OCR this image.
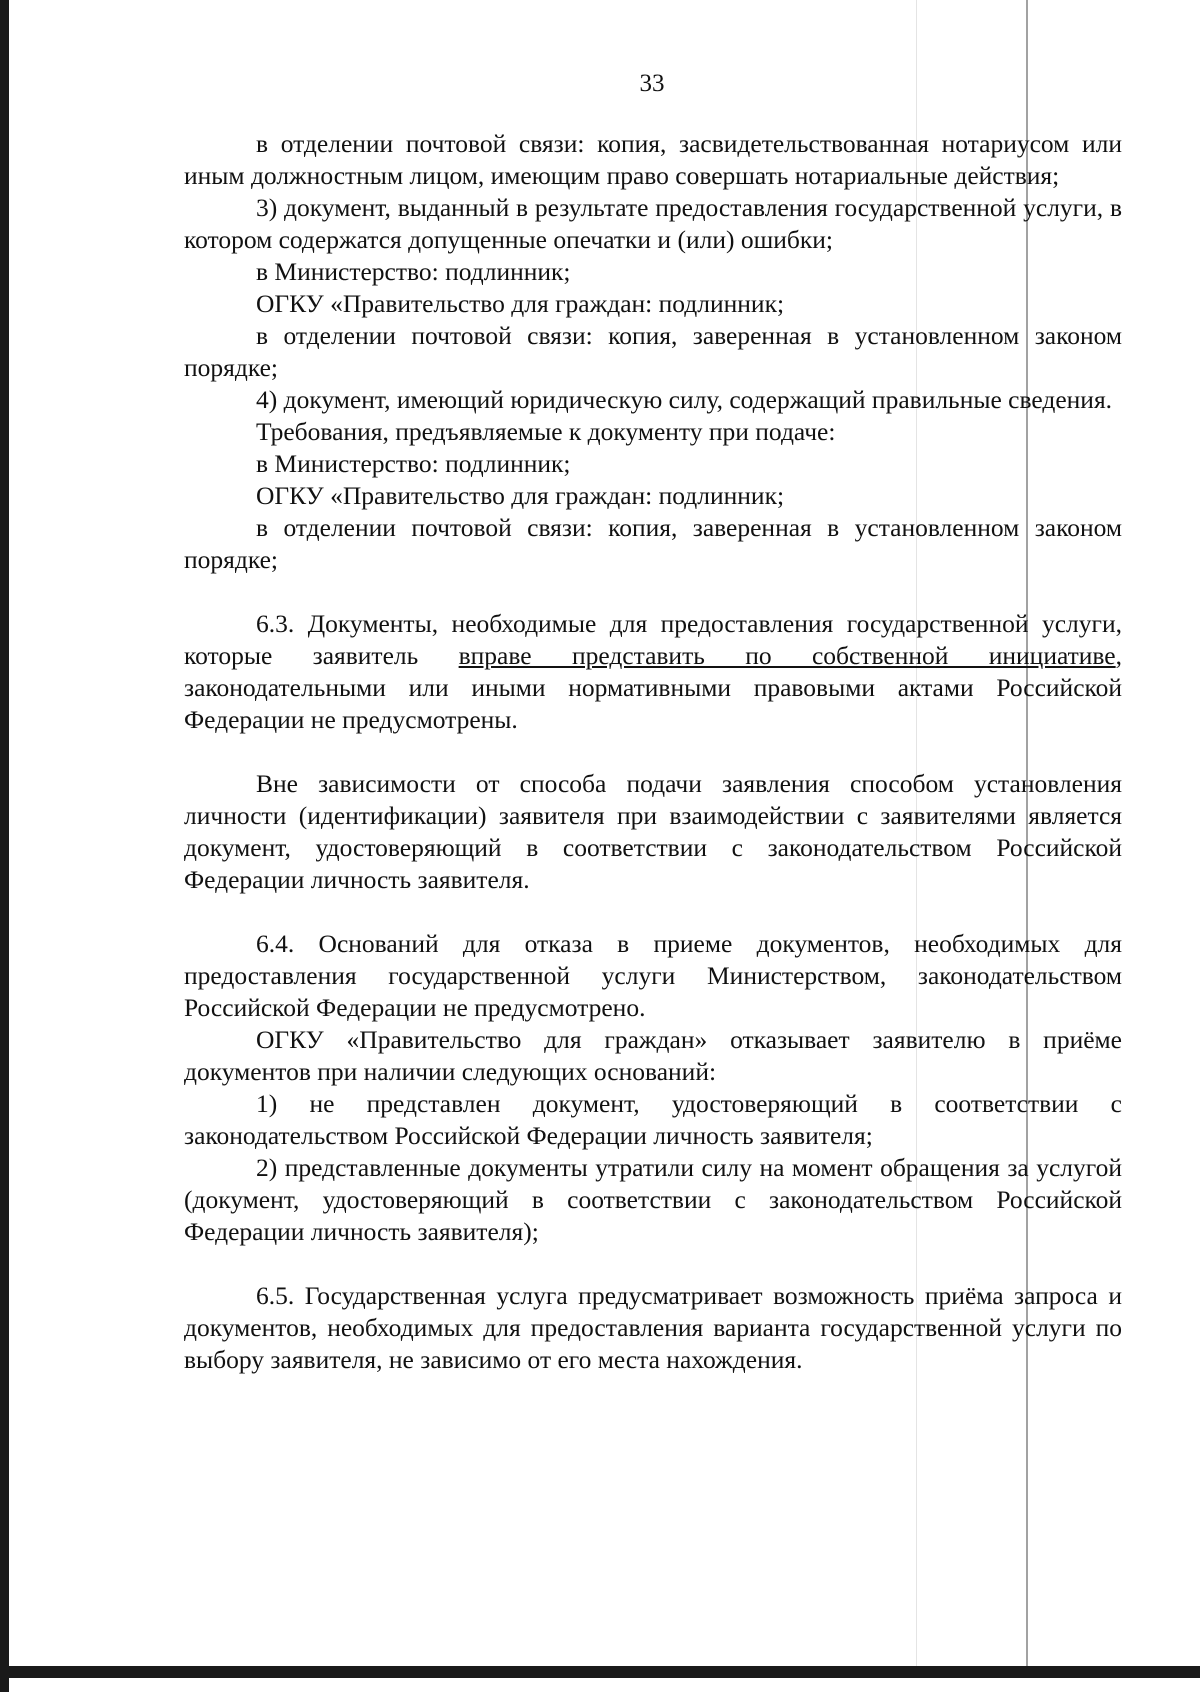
33

в отделении почтовой связи: копия, засвидетельствованная нотариусом или иным должностным лицом, имеющим право совершать нотариальные действия;

3) документ, выданный в результате предоставления государственной услуги, в котором содержатся допущенные опечатки и (или) ошибки;

в Министерство: подлинник;

ОГКУ «Правительство для граждан: подлинник;

в отделении почтовой связи: копия, заверенная в установленном законом порядке;

4) документ, имеющий юридическую силу, содержащий правильные сведения.

Требования, предъявляемые к документу при подаче:

в Министерство: подлинник;

ОГКУ «Правительство для граждан: подлинник;

в отделении почтовой связи: копия, заверенная в установленном законом порядке;

6.3. Документы, необходимые для предоставления государственной услуги, которые заявитель вправе представить по собственной инициативе, законодательными или иными нормативными правовыми актами Российской Федерации не предусмотрены.

Вне зависимости от способа подачи заявления способом установления личности (идентификации) заявителя при взаимодействии с заявителями является документ, удостоверяющий в соответствии с законодательством Российской Федерации личность заявителя.

6.4. Оснований для отказа в приеме документов, необходимых для предоставления государственной услуги Министерством, законодательством Российской Федерации не предусмотрено.

ОГКУ «Правительство для граждан» отказывает заявителю в приёме документов при наличии следующих оснований:

1) не представлен документ, удостоверяющий в соответствии с законодательством Российской Федерации личность заявителя;

2) представленные документы утратили силу на момент обращения за услугой (документ, удостоверяющий в соответствии с законодательством Российской Федерации личность заявителя);

6.5. Государственная услуга предусматривает возможность приёма запроса и документов, необходимых для предоставления варианта государственной услуги по выбору заявителя, не зависимо от его места нахождения.
